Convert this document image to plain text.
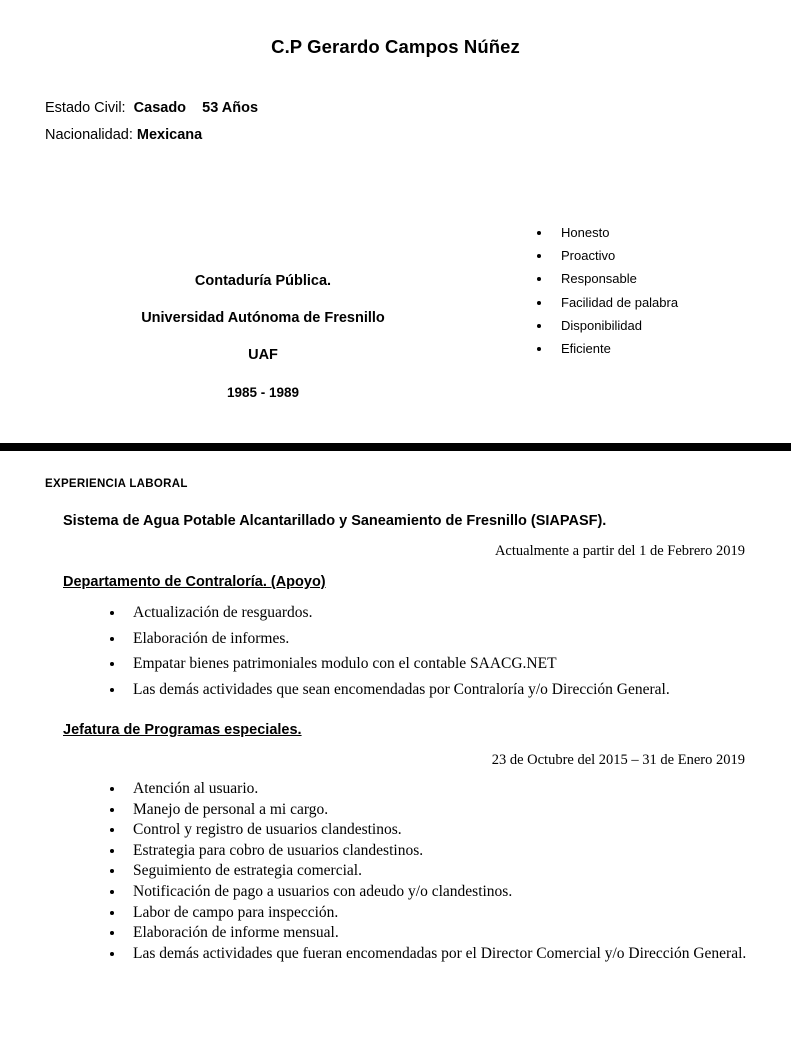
C.P Gerardo Campos Núñez
Estado Civil: Casado 53 Años
Nacionalidad: Mexicana
Contaduría Pública.
Universidad Autónoma de Fresnillo
UAF
1985 - 1989
• Honesto
• Proactivo
• Responsable
• Facilidad de palabra
• Disponibilidad
• Eficiente
EXPERIENCIA LABORAL
Sistema de Agua Potable Alcantarillado y Saneamiento de Fresnillo (SIAPASF).
Actualmente a partir del 1 de Febrero 2019
Departamento de Contraloría. (Apoyo)
• Actualización de resguardos.
• Elaboración de informes.
• Empatar bienes patrimoniales modulo con el contable SAACG.NET
• Las demás actividades que sean encomendadas por Contraloría y/o Dirección General.
Jefatura de Programas especiales.
23 de Octubre del 2015 – 31 de Enero 2019
• Atención al usuario.
• Manejo de personal a mi cargo.
• Control y registro de usuarios clandestinos.
• Estrategia para cobro de usuarios clandestinos.
• Seguimiento de estrategia comercial.
• Notificación de pago a usuarios con adeudo y/o clandestinos.
• Labor de campo para inspección.
• Elaboración de informe mensual.
• Las demás actividades que fueran encomendadas por el Director Comercial y/o Dirección General.
